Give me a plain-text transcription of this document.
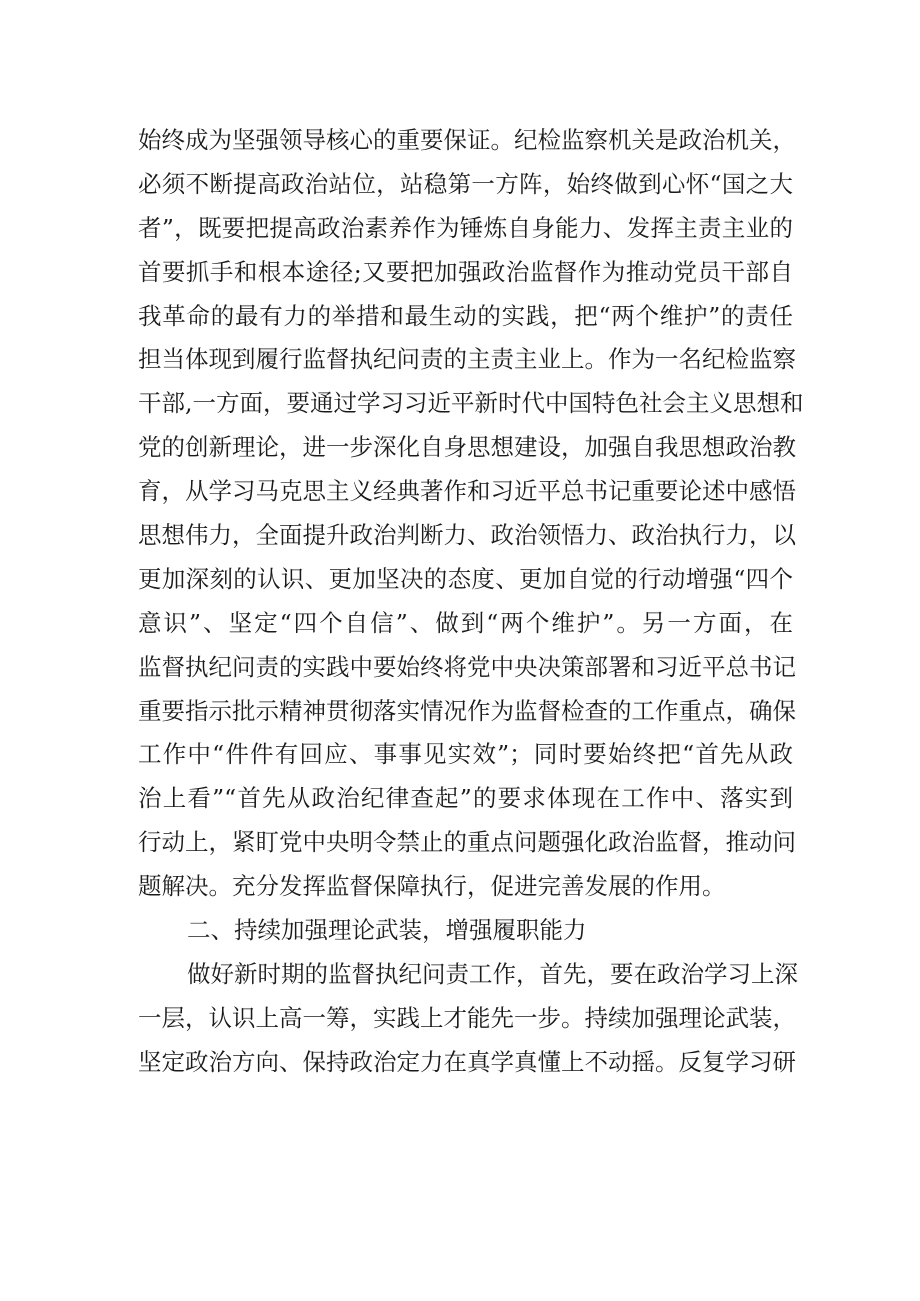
始终成为坚强领导核心的重要保证。纪检监察机关是政治机关，
必须不断提高政治站位，站稳第一方阵，始终做到心怀“国之大
者”，既要把提高政治素养作为锤炼自身能力、发挥主责主业的
首要抓手和根本途径;又要把加强政治监督作为推动党员干部自
我革命的最有力的举措和最生动的实践，把“两个维护”的责任
担当体现到履行监督执纪问责的主责主业上。作为一名纪检监察
干部,一方面，要通过学习习近平新时代中国特色社会主义思想和
党的创新理论，进一步深化自身思想建设，加强自我思想政治教
育，从学习马克思主义经典著作和习近平总书记重要论述中感悟
思想伟力，全面提升政治判断力、政治领悟力、政治执行力，以
更加深刻的认识、更加坚决的态度、更加自觉的行动增强“四个
意识”、坚定“四个自信”、做到“两个维护”。另一方面，在
监督执纪问责的实践中要始终将党中央决策部署和习近平总书记
重要指示批示精神贯彻落实情况作为监督检查的工作重点，确保
工作中“件件有回应、事事见实效”；同时要始终把“首先从政
治上看”“首先从政治纪律查起”的要求体现在工作中、落实到
行动上，紧盯党中央明令禁止的重点问题强化政治监督，推动问
题解决。充分发挥监督保障执行，促进完善发展的作用。
二、持续加强理论武装，增强履职能力
做好新时期的监督执纪问责工作，首先，要在政治学习上深
一层，认识上高一筹，实践上才能先一步。持续加强理论武装，
坚定政治方向、保持政治定力在真学真懂上不动摇。反复学习研
